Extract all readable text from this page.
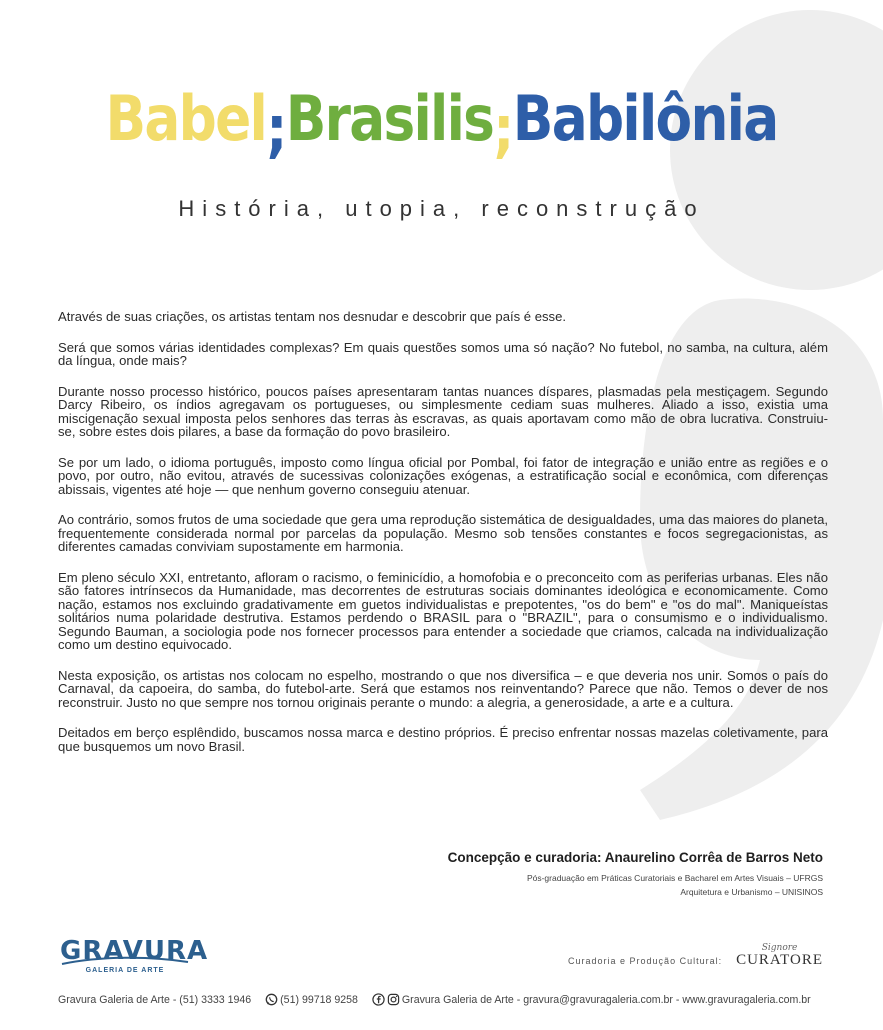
Babel;Brasilis;Babilônia
História, utopia, reconstrução

Através de suas criações, os artistas tentam nos desnudar e descobrir que país é esse.

Será que somos várias identidades complexas? Em quais questões somos uma só nação? No futebol, no samba, na cultura, além da língua, onde mais?

Durante nosso processo histórico, poucos países apresentaram tantas nuances díspares, plasmadas pela mestiçagem. Segundo Darcy Ribeiro, os índios agregavam os portugueses, ou simplesmente cediam suas mulheres. Aliado a isso, existia uma miscigenação sexual imposta pelos senhores das terras às escravas, as quais aportavam como mão de obra lucrativa. Construiu-se, sobre estes dois pilares, a base da formação do povo brasileiro.

Se por um lado, o idioma português, imposto como língua oficial por Pombal, foi fator de integração e união entre as regiões e o povo, por outro, não evitou, através de sucessivas colonizações exógenas, a estratificação social e econômica, com diferenças abissais, vigentes até hoje — que nenhum governo conseguiu atenuar.

Ao contrário, somos frutos de uma sociedade que gera uma reprodução sistemática de desigualdades, uma das maiores do planeta, frequentemente considerada normal por parcelas da população. Mesmo sob tensões constantes e focos segregacionistas, as diferentes camadas conviviam supostamente em harmonia.

Em pleno século XXI, entretanto, afloram o racismo, o feminicídio, a homofobia e o preconceito com as periferias urbanas. Eles não são fatores intrínsecos da Humanidade, mas decorrentes de estruturas sociais dominantes ideológica e economicamente. Como nação, estamos nos excluindo gradativamente em guetos individualistas e prepotentes, "os do bem" e "os do mal". Maniqueístas solitários numa polaridade destrutiva. Estamos perdendo o BRASIL para o "BRAZIL", para o consumismo e o individualismo. Segundo Bauman, a sociologia pode nos fornecer processos para entender a sociedade que criamos, calcada na individualização como um destino equivocado.

Nesta exposição, os artistas nos colocam no espelho, mostrando o que nos diversifica – e que deveria nos unir. Somos o país do Carnaval, da capoeira, do samba, do futebol-arte. Será que estamos nos reinventando? Parece que não. Temos o dever de nos reconstruir. Justo no que sempre nos tornou originais perante o mundo: a alegria, a generosidade, a arte e a cultura.

Deitados em berço esplêndido, buscamos nossa marca e destino próprios. É preciso enfrentar nossas mazelas coletivamente, para que busquemos um novo Brasil.

Concepção e curadoria: Anaurelino Corrêa de Barros Neto
Pós-graduação em Práticas Curatoriais e Bacharel em Artes Visuais – UFRGS
Arquitetura e Urbanismo – UNISINOS
GRAVURA
GALERIA DE ARTE
Curadoria e Produção Cultural:
Signore
CURATORE
Gravura Galeria de Arte - (51) 3333 1946	(51) 99718 9258	Gravura Galeria de Arte - gravura@gravuragaleria.com.br - www.gravuragaleria.com.br
